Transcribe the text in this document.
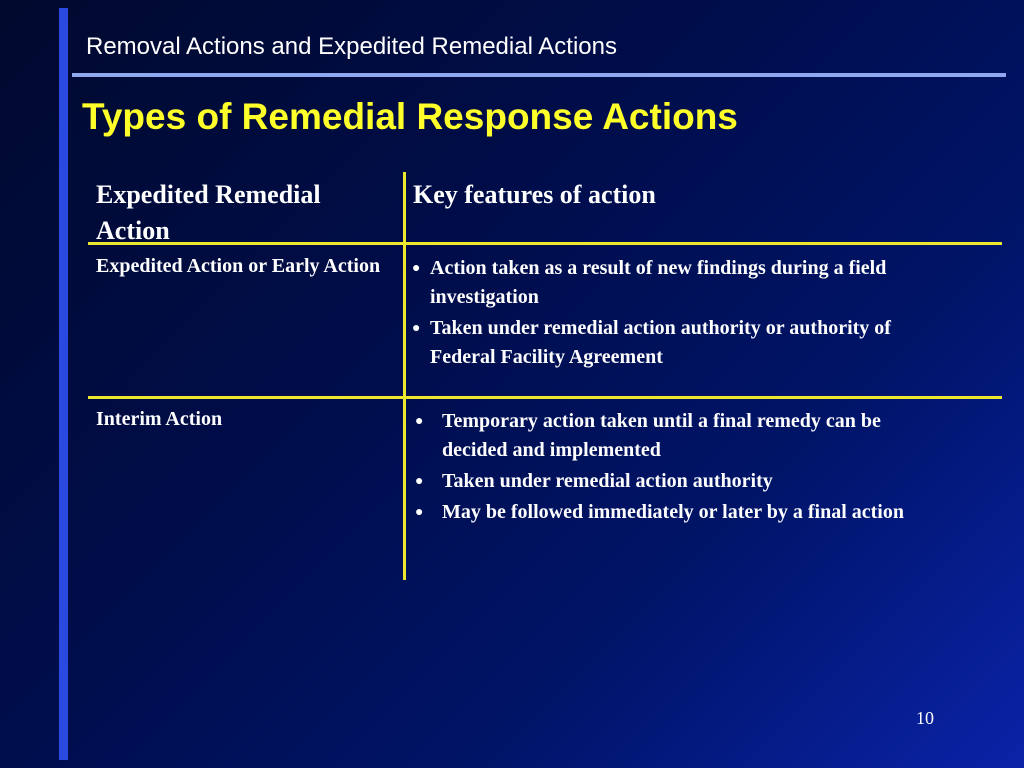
Removal Actions and Expedited Remedial Actions
Types of Remedial Response Actions
Expedited Remedial Action
Key features of action
Expedited Action or Early Action	● Action taken as a result of new findings during a field investigation
● Taken under remedial action authority or authority of Federal Facility Agreement
Interim Action	● Temporary action taken until a final remedy can be decided and implemented
● Taken under remedial action authority
● May be followed immediately or later by a final action
10
